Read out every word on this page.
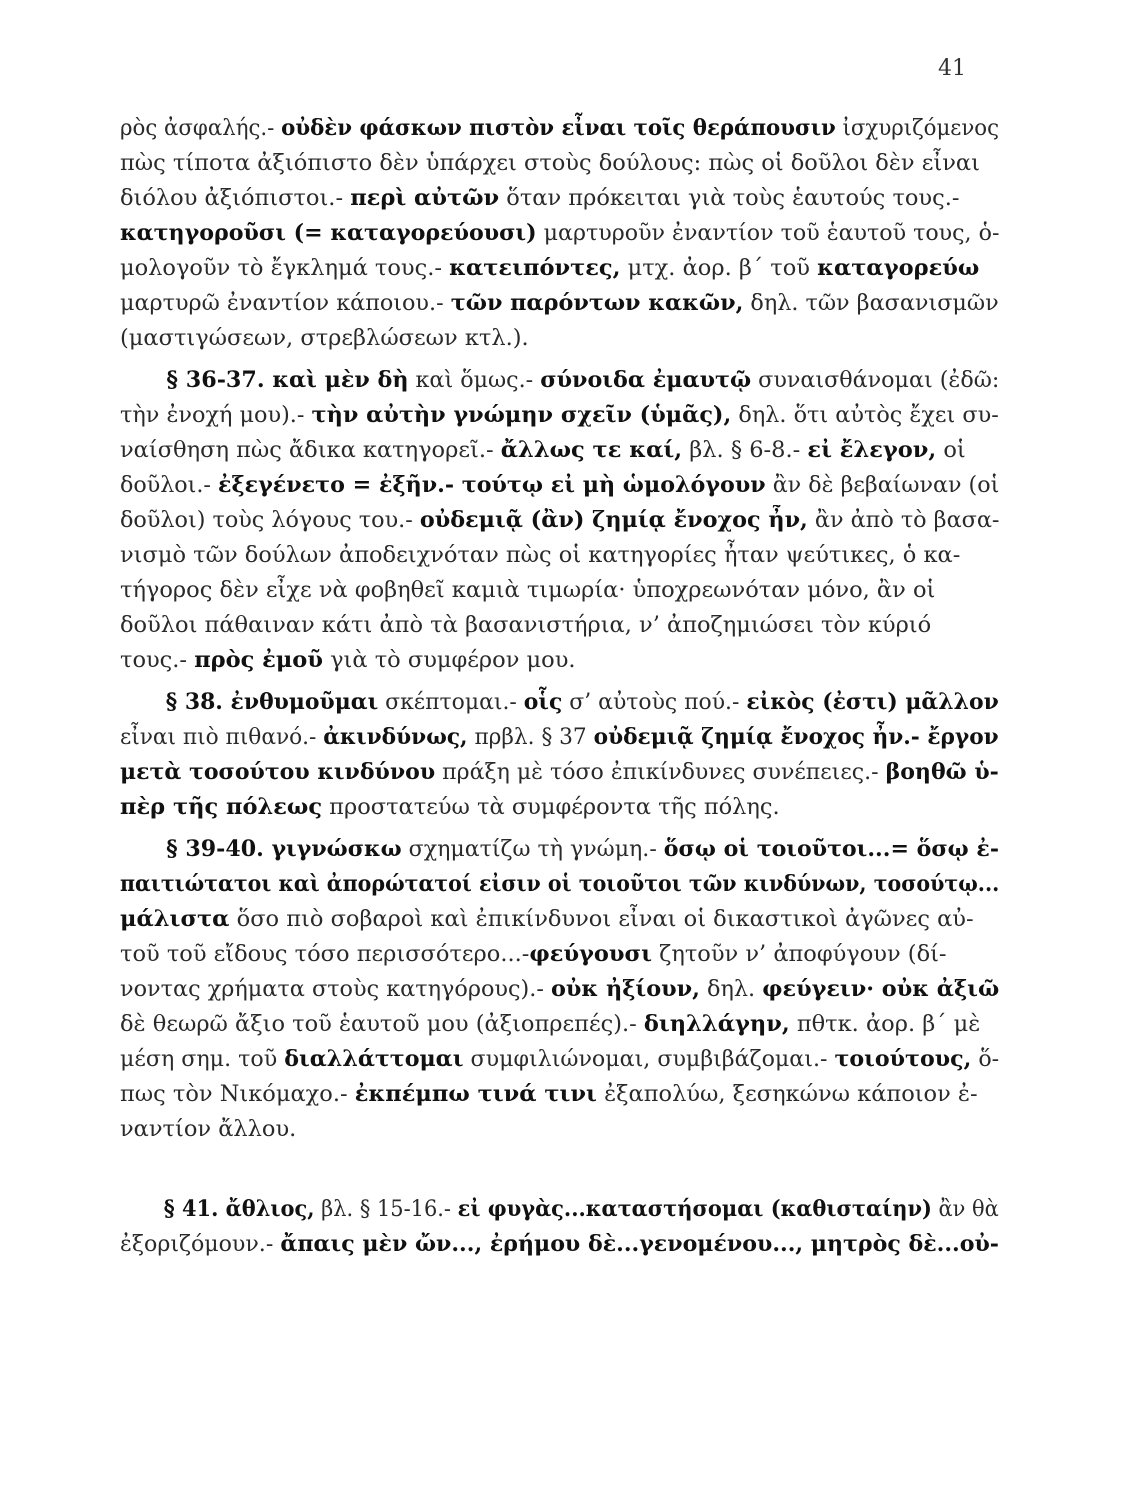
41
ρὸς ἀσφαλής.- οὐδὲν φάσκων πιστὸν εἶναι τοῖς θεράπουσιν ἰσχυριζόμενος
πὼς τίποτα ἀξιόπιστο δὲν ὑπάρχει στοὺς δούλους: πὼς οἱ δοῦλοι δὲν εἶναι
διόλου ἀξιόπιστοι.- περὶ αὐτῶν ὅταν πρόκειται γιὰ τοὺς ἑαυτούς τους.-
κατηγοροῦσι (= καταγορεύουσι) μαρτυροῦν ἐναντίον τοῦ ἑαυτοῦ τους, ὁ-
μολογοῦν τὸ ἔγκλημά τους.- κατειπόντες, μτχ. ἀορ. β΄ τοῦ καταγορεύω
μαρτυρῶ ἐναντίον κάποιου.- τῶν παρόντων κακῶν, δηλ. τῶν βασανισμῶν
(μαστιγώσεων, στρεβλώσεων κτλ.).
§ 36-37. καὶ μὲν δὴ καὶ ὅμως.- σύνοιδα ἐμαυτῷ συναισθάνομαι (ἐδῶ:
τὴν ἐνοχή μου).- τὴν αὐτὴν γνώμην σχεῖν (ὑμᾶς), δηλ. ὅτι αὐτὸς ἔχει συ-
ναίσθηση πὼς ἄδικα κατηγορεῖ.- ἄλλως τε καί, βλ. § 6-8.- εἰ ἔλεγον, οἱ
δοῦλοι.- ἐξεγένετο = ἐξῆν.- τούτῳ εἰ μὴ ὡμολόγουν ἂν δὲ βεβαίωναν (οἱ
δοῦλοι) τοὺς λόγους του.- οὐδεμιᾷ (ἂν) ζημίᾳ ἔνοχος ἦν, ἂν ἀπὸ τὸ βασα-
νισμὸ τῶν δούλων ἀποδειχνόταν πὼς οἱ κατηγορίες ἦταν ψεύτικες, ὁ κα-
τήγορος δὲν εἶχε νὰ φοβηθεῖ καμιὰ τιμωρία· ὑποχρεωνόταν μόνο, ἂν οἱ
δοῦλοι πάθαιναν κάτι ἀπὸ τὰ βασανιστήρια, ν’ ἀποζημιώσει τὸν κύριό
τους.- πρὸς ἐμοῦ γιὰ τὸ συμφέρον μου.
§ 38. ἐνθυμοῦμαι σκέπτομαι.- οἷς σ’ αὐτοὺς πού.- εἰκὸς (ἐστι) μᾶλλον
εἶναι πιὸ πιθανό.- ἀκινδύνως, πρβλ. § 37 οὐδεμιᾷ ζημίᾳ ἔνοχος ἦν.- ἔργον
μετὰ τοσούτου κινδύνου πράξη μὲ τόσο ἐπικίνδυνες συνέπειες.- βοηθῶ ὑ-
πὲρ τῆς πόλεως προστατεύω τὰ συμφέροντα τῆς πόλης.
§ 39-40. γιγνώσκω σχηματίζω τὴ γνώμη.- ὅσῳ οἱ τοιοῦτοι...= ὅσῳ ἐ-
παιτιώτατοι καὶ ἀπορώτατοί εἰσιν οἱ τοιοῦτοι τῶν κινδύνων, τοσούτῳ...
μάλιστα ὅσο πιὸ σοβαροὶ καὶ ἐπικίνδυνοι εἶναι οἱ δικαστικοὶ ἀγῶνες αὐ-
τοῦ τοῦ εἴδους τόσο περισσότερο...-φεύγουσι ζητοῦν ν’ ἀποφύγουν (δί-
νοντας χρήματα στοὺς κατηγόρους).- οὐκ ἠξίουν, δηλ. φεύγειν· οὐκ ἀξιῶ
δὲ θεωρῶ ἄξιο τοῦ ἑαυτοῦ μου (ἀξιοπρεπές).- διηλλάγην, πθτκ. ἀορ. β΄ μὲ
μέση σημ. τοῦ διαλλάττομαι συμφιλιώνομαι, συμβιβάζομαι.- τοιούτους, ὅ-
πως τὸν Νικόμαχο.- ἐκπέμπω τινά τινι ἐξαπολύω, ξεσηκώνω κάποιον ἐ-
ναντίον ἄλλου.
§ 41. ἄθλιος, βλ. § 15-16.- εἰ φυγὰς...καταστήσομαι (καθισταίην) ἂν θὰ
ἐξοριζόμουν.- ἄπαις μὲν ὤν..., ἐρήμου δὲ...γενομένου..., μητρὸς δὲ...οὐ-
